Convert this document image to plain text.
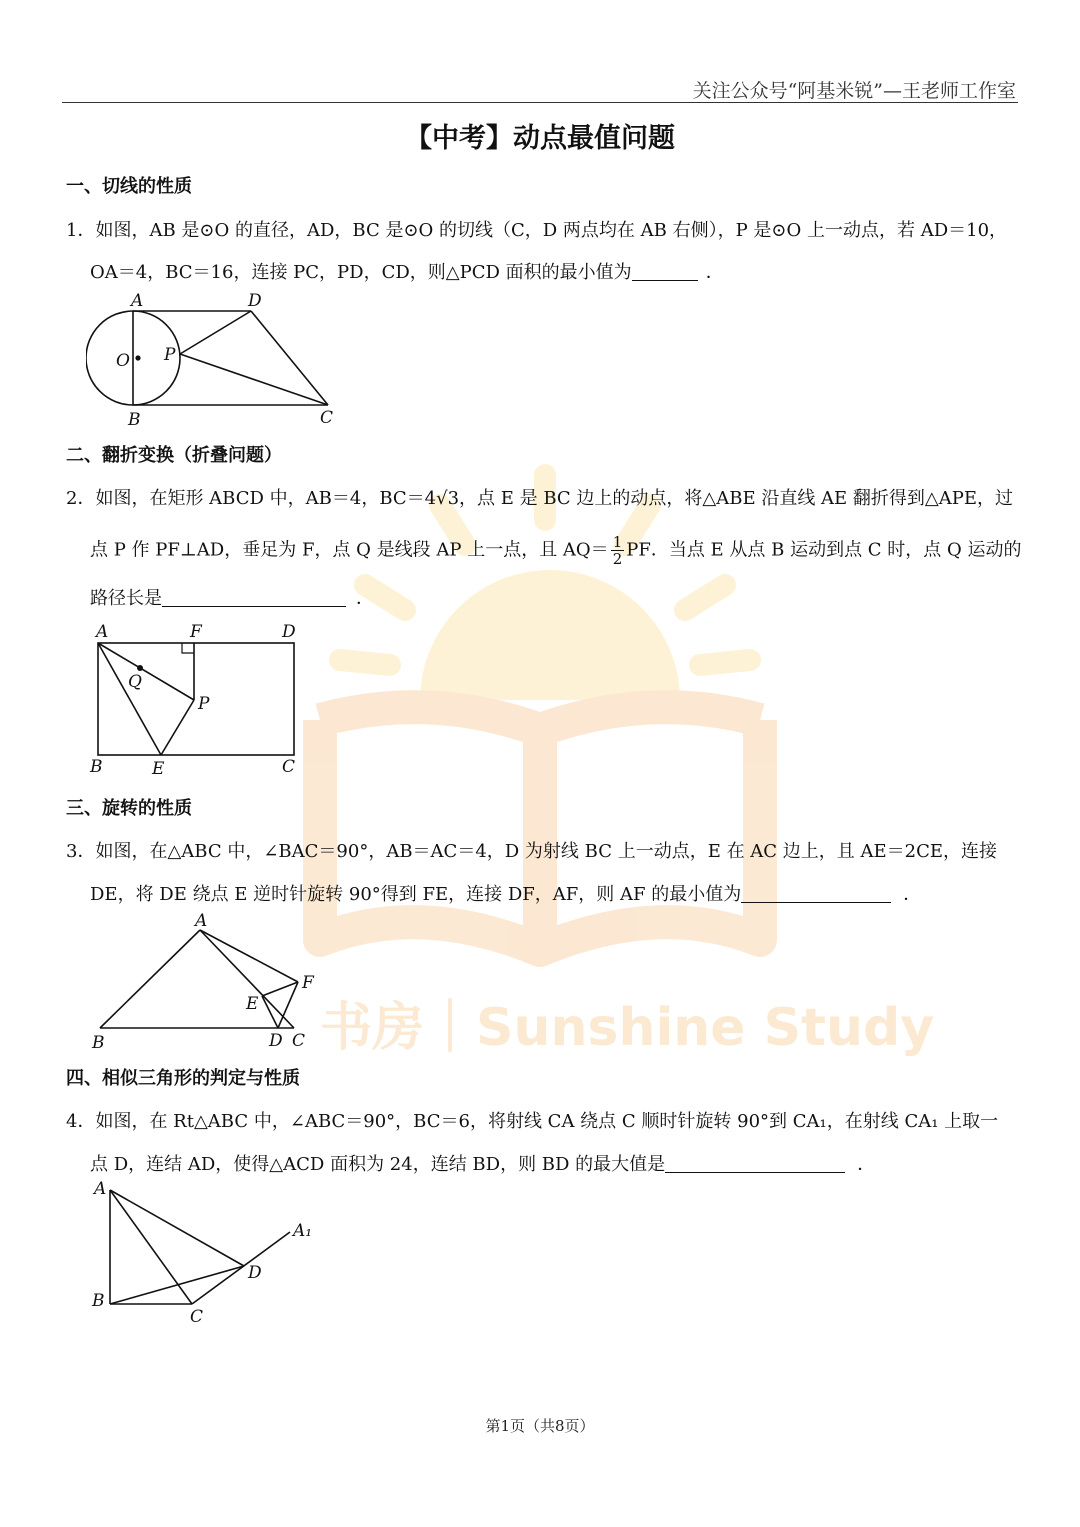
书房｜Sunshine Study
关注公众号“阿基米锐”—王老师工作室
【中考】动点最值问题
一、切线的性质
1．如图，AB 是⊙O 的直径，AD，BC 是⊙O 的切线（C，D 两点均在 AB 右侧），P 是⊙O 上一动点，若 AD＝10，
OA＝4，BC＝16，连接 PC，PD，CD，则△PCD 面积的最小值为	．
A	D
O P
B	C
二、翻折变换（折叠问题）
2．如图，在矩形 ABCD 中，AB＝4，BC＝4√3，点 E 是 BC 边上的动点，将△ABE 沿直线 AE 翻折得到△APE，过
点 P 作 PF⊥AD，垂足为 F，点 Q 是线段 AP 上一点，且 $AQ= \frac{1}{2}$ PF．当点 E 从点 B 运动到点 C 时，点 Q 运动的
路径长是	．
A	F	D
Q
P
B	E	C
三、旋转的性质
3．如图，在△ABC 中，∠BAC＝90°，AB＝AC＝4，D 为射线 BC 上一动点，E 在 AC 边上，且 AE＝2CE，连接
DE，将 DE 绕点 E 逆时针旋转 90°得到 FE，连接 DF，AF，则 AF 的最小值为	．
A
F
E
B	D C
四、相似三角形的判定与性质
4．如图，在 Rt△ABC 中，∠ABC＝90°，BC＝6，将射线 CA 绕点 C 顺时针旋转 90°到 CA₁，在射线 CA₁ 上取一
点 D，连结 AD，使得△ACD 面积为 24，连结 BD，则 BD 的最大值是	．
A
A₁
D
B
C
第1页（共8页）
